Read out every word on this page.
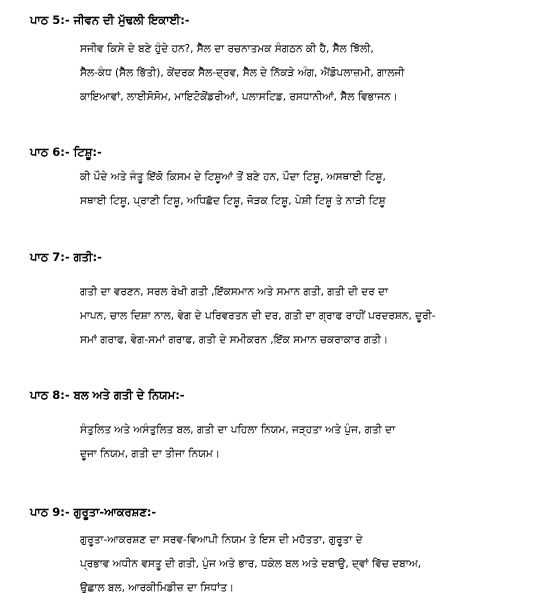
ਪਾਠ 5:- ਜੀਵਨ ਦੀ ਮੁੱਢਲੀ ਇਕਾਈ:-
ਸਜੀਵ ਕਿਸੇ ਦੇ ਬਣੇ ਹੁੰਦੇ ਹਨ?, ਸੈੱਲ ਦਾ ਰਚਨਾਤਮਕ ਸੰਗਠਨ ਕੀ ਹੈ, ਸੈੱਲ ਝਿੱਲੀ,
ਸੈੱਲ-ਕੰਧ (ਸੈੱਲ ਭਿੱਤੀ), ਕੇਂਦਰਕ ਸੈੱਲ-ਦ੍ਰਵ, ਸੈੱਲ ਦੇ ਨਿੱਕੜੇ ਅੰਗ, ਐਂਡੋਪਲਾਜ਼ਮੀ, ਗਾਲਜੀ
ਕਾਇਆਵਾਂ, ਲਾਈਸੋਸੋਮ, ਮਾਇਟੋਕੋਂਡਰੀਆਂ, ਪਲਾਸਟਿਡ, ਰਸਧਾਨੀਆਂ, ਸੈੱਲ ਵਿਭਾਜਨ।
ਪਾਠ 6:- ਟਿਸ਼ੂ:-
ਕੀ ਪੌਦੇ ਅਤੇ ਜੰਤੂ ਇੱਕੋ ਕਿਸਮ ਦੇ ਟਿਸ਼ੂਆਂ ਤੋਂ ਬਣੇ ਹਨ, ਪੌਦਾ ਟਿਸ਼ੂ, ਅਸਥਾਈ ਟਿਸ਼ੂ,
ਸਥਾਈ ਟਿਸ਼ੂ, ਪ੍ਰਾਣੀ ਟਿਸ਼ੂ, ਅਧਿਛੱਦ ਟਿਸ਼ੂ, ਜੋੜਕ ਟਿਸ਼ੂ, ਪੇਸ਼ੀ ਟਿਸ਼ੂ ਤੇ ਨਾੜੀ ਟਿਸ਼ੂ
ਪਾਠ 7:- ਗਤੀ:-
ਗਤੀ ਦਾ ਵਰਣਨ, ਸਰਲ ਰੇਖੀ ਗਤੀ ,ਇੱਕਸਮਾਨ ਅਤੇ ਸਮਾਨ ਗਤੀ, ਗਤੀ ਦੀ ਦਰ ਦਾ
ਮਾਪਨ, ਚਾਲ ਦਿਸ਼ਾ ਨਾਲ, ਵੇਗ ਦੇ ਪਰਿਵਰਤਨ ਦੀ ਦਰ, ਗਤੀ ਦਾ ਗ੍ਰਾਫ ਰਾਹੀਂ ਪਰਦਰਸ਼ਨ, ਦੂਰੀ-
ਸਮਾਂ ਗਰਾਫ, ਵੇਗ-ਸਮਾਂ ਗਰਾਫ, ਗਤੀ ਦੇ ਸਮੀਕਰਨ ,ਇੱਕ ਸਮਾਨ ਚਕਰਾਕਾਰ ਗਤੀ।
ਪਾਠ 8:- ਬਲ ਅਤੇ ਗਤੀ ਦੇ ਨਿਯਮ:-
ਸੰਤੁਲਿਤ ਅਤੇ ਅਸੰਤੁਲਿਤ ਬਲ, ਗਤੀ ਦਾ ਪਹਿਲਾ ਨਿਯਮ, ਜੜ੍ਹਤਾ ਅਤੇ ਪੁੰਜ, ਗਤੀ ਦਾ
ਦੂਜਾ ਨਿਯਮ, ਗਤੀ ਦਾ ਤੀਜਾ ਨਿਯਮ।
ਪਾਠ 9:- ਗੁਰੂਤਾ-ਆਕਰਸ਼ਣ:-
ਗੁਰੂਤਾ-ਆਕਰਸ਼ਣ ਦਾ ਸਰਵ-ਵਿਆਪੀ ਨਿਯਮ ਤੇ ਇਸ ਦੀ ਮਹੱਤਤਾ, ਗੁਰੂਤਾ ਦੇ
ਪ੍ਰਭਾਵ ਅਧੀਨ ਵਸਤੂ ਦੀ ਗਤੀ, ਪੁੰਜ ਅਤੇ ਭਾਰ, ਧਕੇਲ ਬਲ ਅਤੇ ਦਬਾਉ, ਦ੍ਵਾਂ ਵਿੱਚ ਦਬਾਅ,
ਉਛਾਲ ਬਲ, ਆਰਕੀਮਿਡੀਜ਼ ਦਾ ਸਿਧਾਂਤ।
